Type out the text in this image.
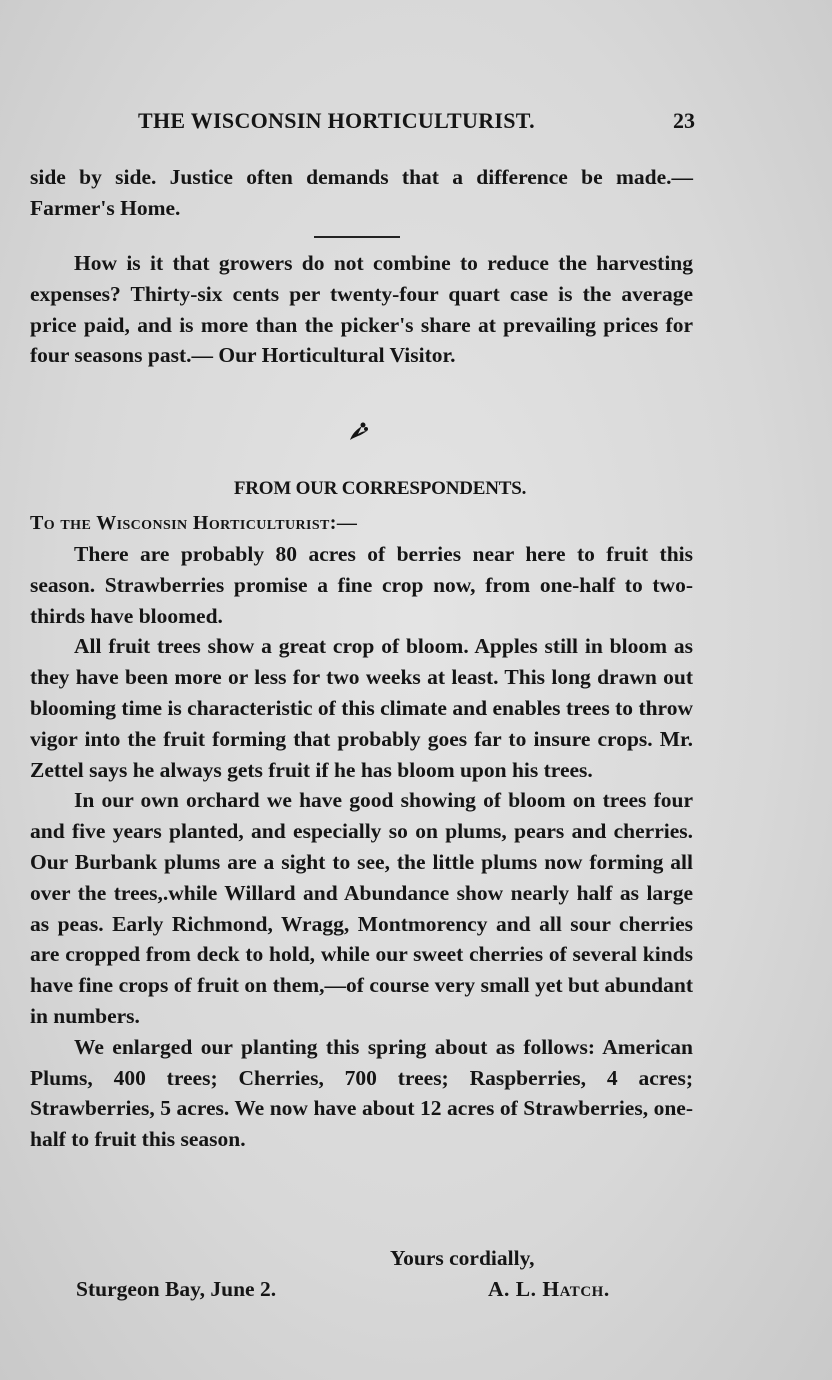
THE WISCONSIN HORTICULTURIST.	23

side by side. Justice often demands that a difference be made.—Farmer's Home.

How is it that growers do not combine to reduce the harvesting expenses? Thirty-six cents per twenty-four quart case is the average price paid, and is more than the picker's share at prevailing prices for four seasons past.— Our Horticultural Visitor.

FROM OUR CORRESPONDENTS.
To the Wisconsin Horticulturist:—

There are probably 80 acres of berries near here to fruit this season. Strawberries promise a fine crop now, from one-half to two-thirds have bloomed.

All fruit trees show a great crop of bloom. Apples still in bloom as they have been more or less for two weeks at least. This long drawn out blooming time is characteristic of this climate and enables trees to throw vigor into the fruit forming that probably goes far to insure crops. Mr. Zettel says he always gets fruit if he has bloom upon his trees.

In our own orchard we have good showing of bloom on trees four and five years planted, and especially so on plums, pears and cherries. Our Burbank plums are a sight to see, the little plums now forming all over the trees,.while Willard and Abundance show nearly half as large as peas. Early Richmond, Wragg, Montmorency and all sour cherries are cropped from deck to hold, while our sweet cherries of several kinds have fine crops of fruit on them,—of course very small yet but abundant in numbers.

We enlarged our planting this spring about as follows: American Plums, 400 trees; Cherries, 700 trees; Raspberries, 4 acres; Strawberries, 5 acres. We now have about 12 acres of Strawberries, one-half to fruit this season.

Yours cordially,
Sturgeon Bay, June 2.	A. L. Hatch.
